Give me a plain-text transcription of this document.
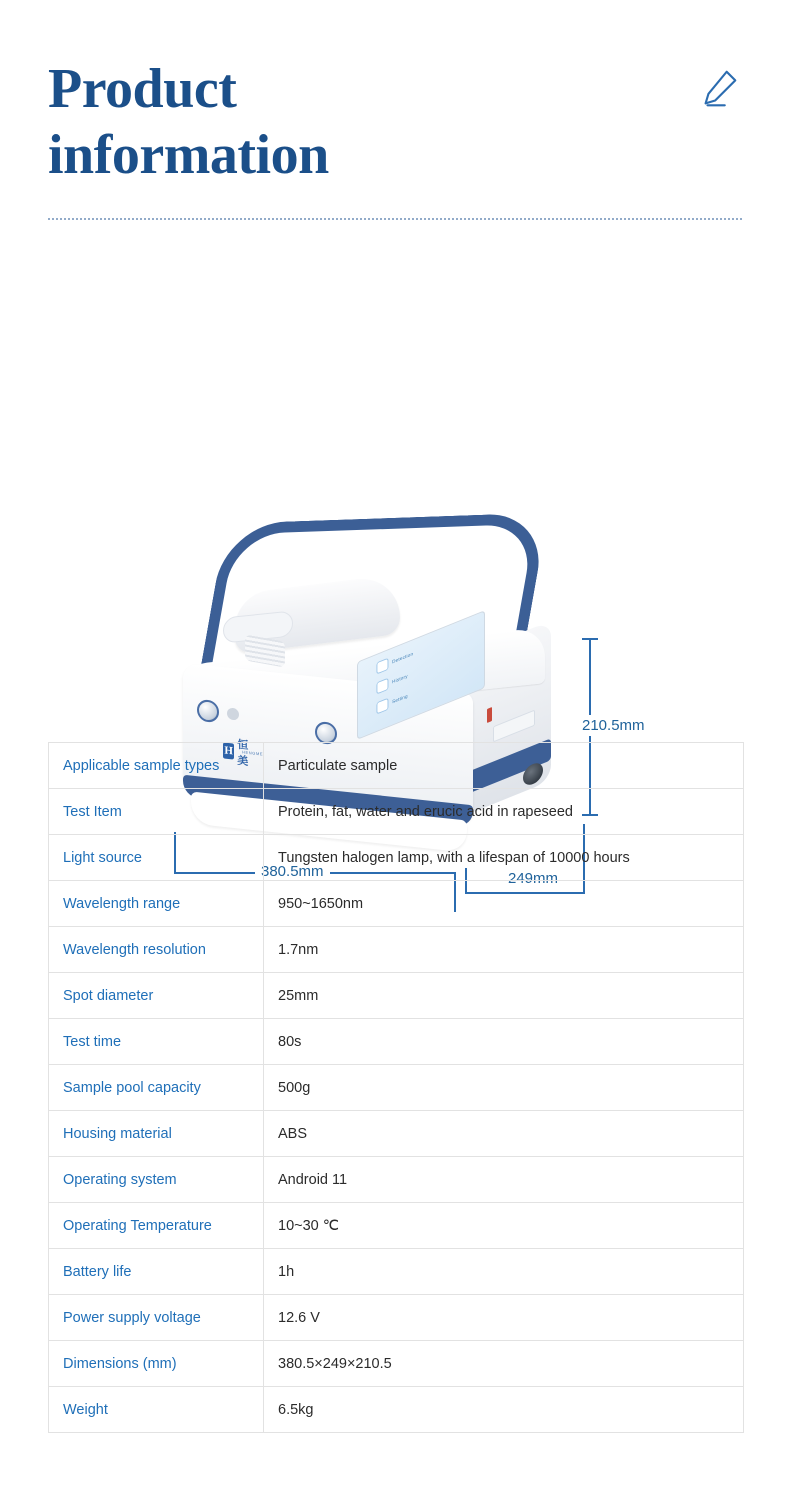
Product
information
Detection
History
Setting
H 恒美
HENGMEI
210.5mm
380.5mm	249mm
Applicable sample types	Particulate sample
Test Item	Protein, fat, water and erucic acid in rapeseed
Light source	Tungsten halogen lamp, with a lifespan of 10000 hours
Wavelength range	950~1650nm
Wavelength resolution	1.7nm
Spot diameter	25mm
Test time	80s
Sample pool capacity	500g
Housing material	ABS
Operating system	Android 11
Operating Temperature	10~30 ℃
Battery life	1h
Power supply voltage	12.6 V
Dimensions (mm)	380.5×249×210.5
Weight	6.5kg
